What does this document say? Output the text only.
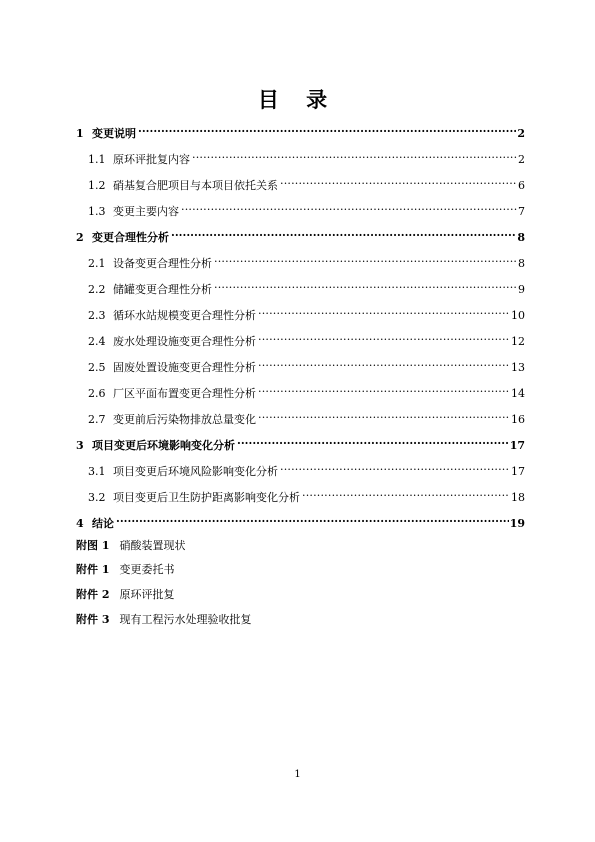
目 录
1 变更说明 .....	2
1.1 原环评批复内容 .....	2
1.2 硝基复合肥项目与本项目依托关系 .....	6
1.3 变更主要内容 .....	7
2 变更合理性分析 .....	8
2.1 设备变更合理性分析 .....	8
2.2 储罐变更合理性分析 .....	9
2.3 循环水站规模变更合理性分析 .....	10
2.4 废水处理设施变更合理性分析 .....	12
2.5 固废处置设施变更合理性分析 .....	13
2.6 厂区平面布置变更合理性分析 .....	14
2.7 变更前后污染物排放总量变化 .....	16
3 项目变更后环境影响变化分析 .....	17
3.1 项目变更后环境风险影响变化分析 .....	17
3.2 项目变更后卫生防护距离影响变化分析 .....	18
4 结论 .....	19
附图 1 硝酸装置现状
附件 1 变更委托书
附件 2 原环评批复
附件 3 现有工程污水处理验收批复
1
